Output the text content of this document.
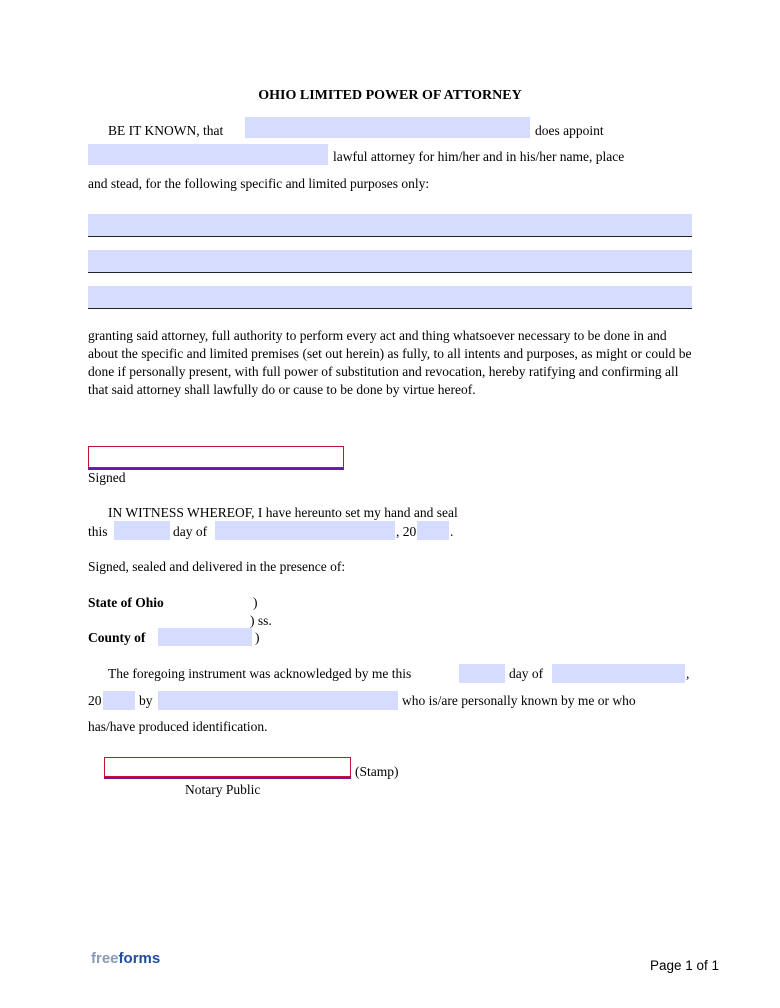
OHIO LIMITED POWER OF ATTORNEY
BE IT KNOWN, that	does appoint
lawful attorney for him/her and in his/her name, place
and stead, for the following specific and limited purposes only:
granting said attorney, full authority to perform every act and thing whatsoever necessary to be done in and about the specific and limited premises (set out herein) as fully, to all intents and purposes, as might or could be done if personally present, with full power of substitution and revocation, hereby ratifying and confirming all that said attorney shall lawfully do or cause to be done by virtue hereof.
Signed
IN WITNESS WHEREOF, I have hereunto set my hand and seal
this	day of	, 20	.
Signed, sealed and delivered in the presence of:
State of Ohio	)
) ss.
County of	)
The foregoing instrument was acknowledged by me this	day of	,
20	by	who is/are personally known by me or who
has/have produced identification.
(Stamp)
Notary Public
freeforms	Page 1 of 1
